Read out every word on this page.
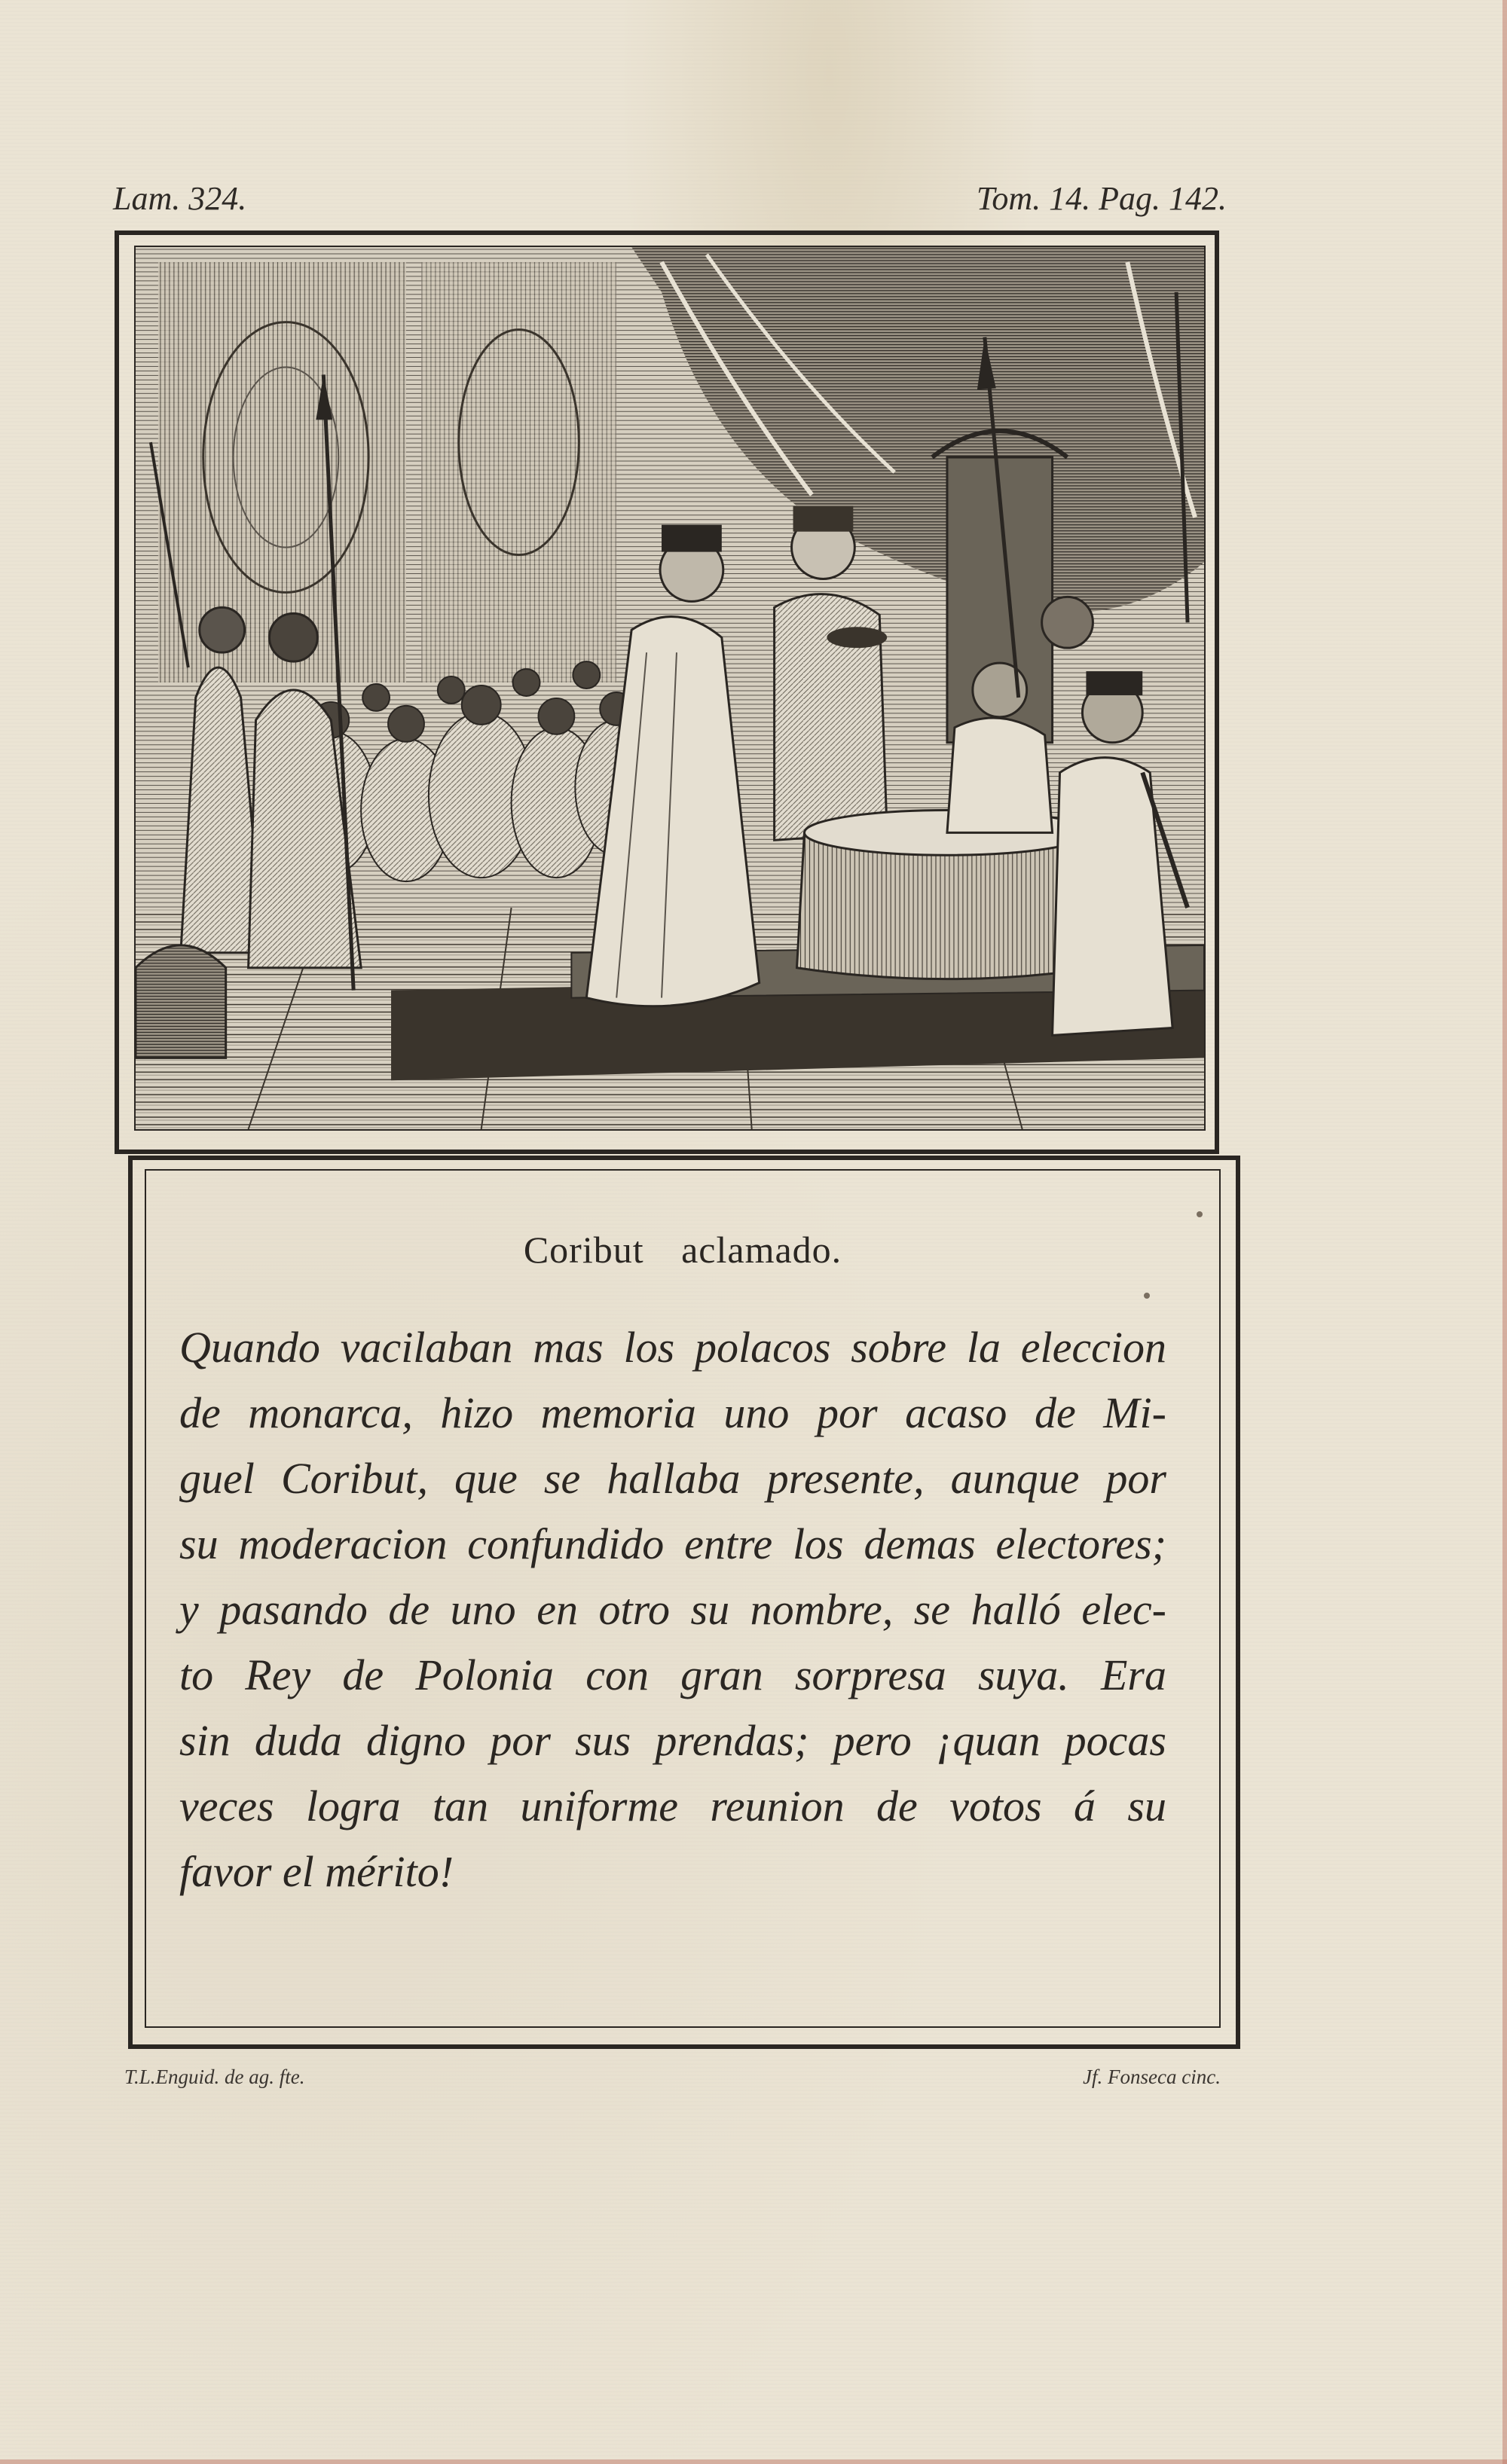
Lam. 324.	Tom. 14. Pag. 142.
Coribut aclamado.
Quando vacilaban mas los polacos sobre la eleccion
de monarca, hizo memoria uno por acaso de Mi-
guel Coribut, que se hallaba presente, aunque por
su moderacion confundido entre los demas electores;
y pasando de uno en otro su nombre, se halló elec-
to Rey de Polonia con gran sorpresa suya. Era
sin duda digno por sus prendas; pero ¡quan pocas
veces logra tan uniforme reunion de votos á su
favor el mérito!
T.L.Enguid. de ag. fte.	Jf. Fonseca cinc.
